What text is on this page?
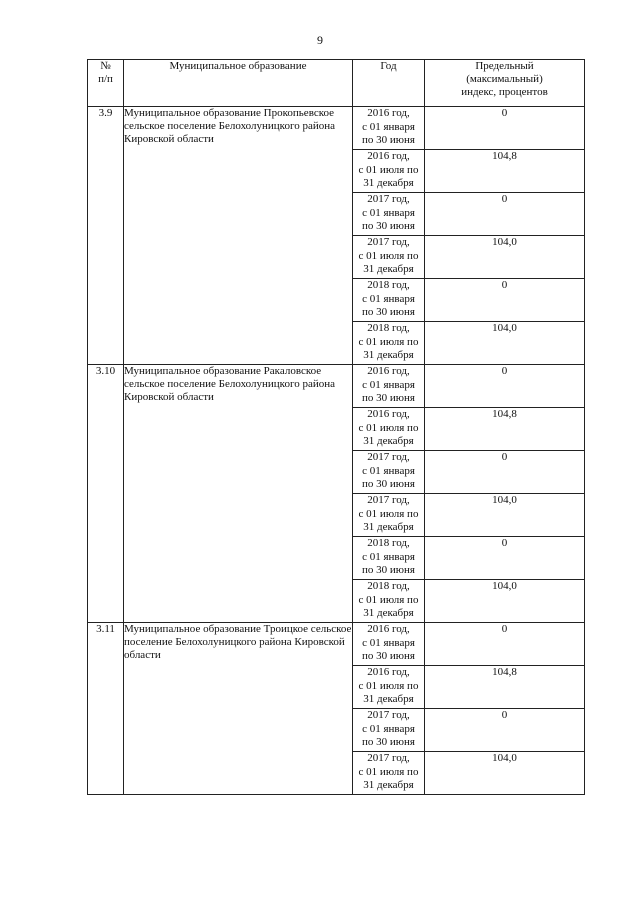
9
№
п/п	Муниципальное образование	Год	Предельный
(максимальный)
индекс, процентов
3.9	Муниципальное образование Прокопьевское сельское поселение Белохолуницкого района Кировской области	2016 год,
с 01 января
по 30 июня	0

		2016 год,
с 01 июля по
31 декабря	104,8

		2017 год,
с 01 января
по 30 июня	0

		2017 год,
с 01 июля по
31 декабря	104,0

		2018 год,
с 01 января
по 30 июня	0

		2018 год,
с 01 июля по
31 декабря	104,0
3.10	Муниципальное образование Ракаловское сельское поселение Белохолуницкого района Кировской области	2016 год,
с 01 января
по 30 июня	0

		2016 год,
с 01 июля по
31 декабря	104,8

		2017 год,
с 01 января
по 30 июня	0

		2017 год,
с 01 июля по
31 декабря	104,0

		2018 год,
с 01 января
по 30 июня	0

		2018 год,
с 01 июля по
31 декабря	104,0
3.11	Муниципальное образование Троицкое сельское поселение Белохолуницкого района Кировской области	2016 год,
с 01 января
по 30 июня	0

		2016 год,
с 01 июля по
31 декабря	104,8

		2017 год,
с 01 января
по 30 июня	0

		2017 год,
с 01 июля по
31 декабря	104,0
